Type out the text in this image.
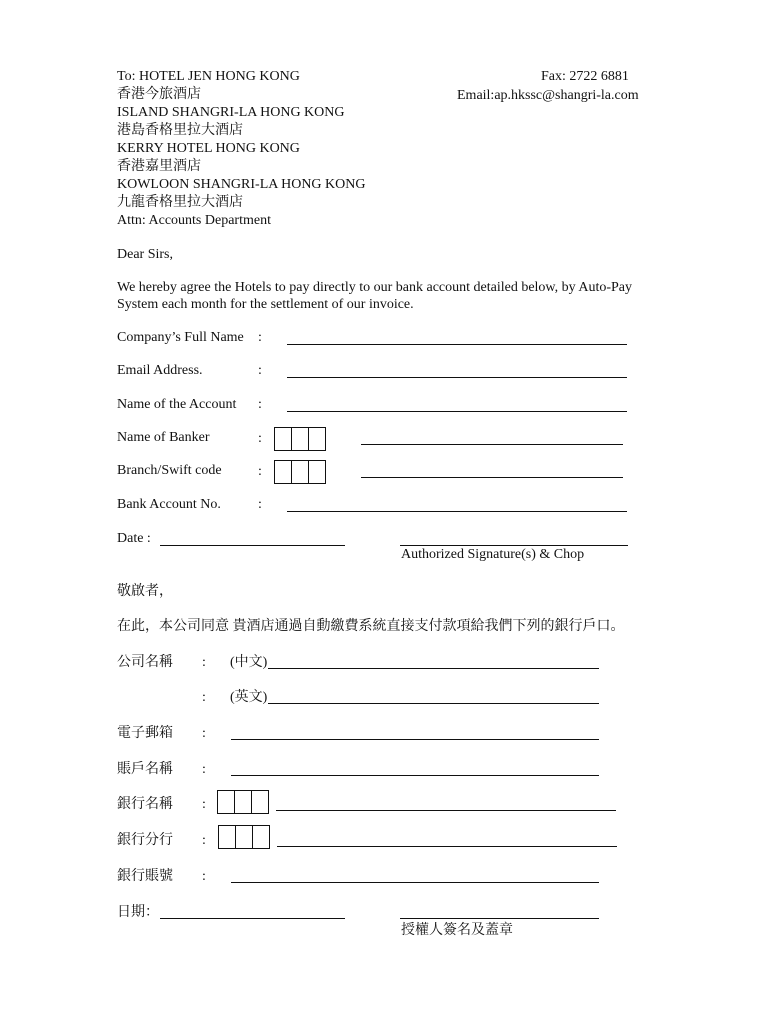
To: HOTEL JEN HONG KONG
香港今旅酒店
ISLAND SHANGRI-LA HONG KONG
港島香格里拉大酒店
KERRY HOTEL HONG KONG
香港嘉里酒店
KOWLOON SHANGRI-LA HONG KONG
九龍香格里拉大酒店
Attn: Accounts Department
Fax: 2722 6881
Email:ap.hkssc@shangri-la.com
Dear Sirs,
We hereby agree the Hotels to pay directly to our bank account detailed below, by Auto-Pay System each month for the settlement of our invoice.
Company’s Full Name :
Email Address.	:
Name of the Account :
Name of Banker	:
Branch/Swift code	:
Bank Account No.	:
Date :
Authorized Signature(s) & Chop
敬啟者，
在此，本公司同意 貴酒店通過自動繳費系統直接支付款項給我們下列的銀行戶口。
公司名稱 : (中文)
: (英文)
電子郵箱 :
賬戶名稱 :
銀行名稱 :
銀行分行 :
銀行賬號 :
日期：
授權人簽名及蓋章
